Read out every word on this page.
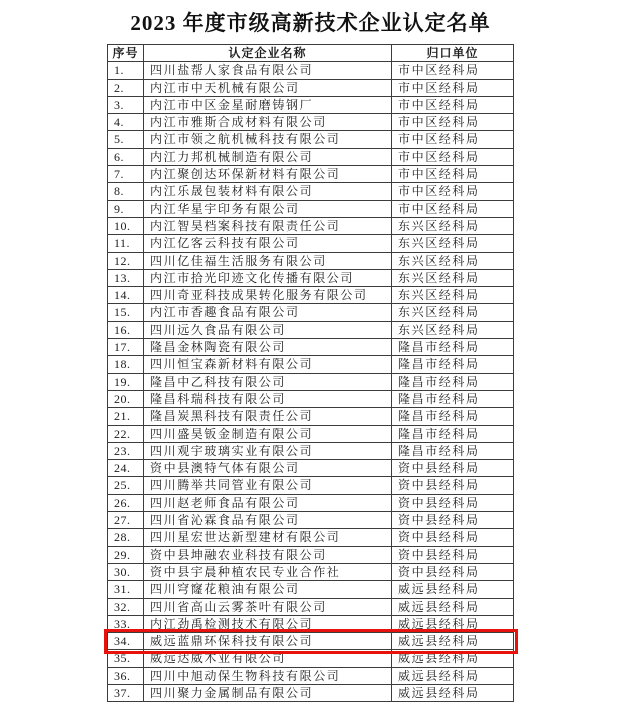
2023 年度市级高新技术企业认定名单
序号	认定企业名称	归口单位
1.	四川盐帮人家食品有限公司	市中区经科局
2.	内江市中天机械有限公司	市中区经科局
3.	内江市中区金星耐磨铸钢厂	市中区经科局
4.	内江市雅斯合成材料有限公司	市中区经科局
5.	内江市领之航机械科技有限公司	市中区经科局
6.	内江力邦机械制造有限公司	市中区经科局
7.	内江聚创达环保新材料有限公司	市中区经科局
8.	内江乐晟包装材料有限公司	市中区经科局
9.	内江华星宇印务有限公司	市中区经科局
10.	内江智昊档案科技有限责任公司	东兴区经科局
11.	内江亿客云科技有限公司	东兴区经科局
12.	四川亿佳福生活服务有限公司	东兴区经科局
13.	内江市拾光印迹文化传播有限公司	东兴区经科局
14.	四川奇亚科技成果转化服务有限公司	东兴区经科局
15.	内江市香趣食品有限公司	东兴区经科局
16.	四川远久食品有限公司	东兴区经科局
17.	隆昌金林陶瓷有限公司	隆昌市经科局
18.	四川恒宝森新材料有限公司	隆昌市经科局
19.	隆昌中乙科技有限公司	隆昌市经科局
20.	隆昌科瑞科技有限公司	隆昌市经科局
21.	隆昌炭黑科技有限责任公司	隆昌市经科局
22.	四川盛昊钣金制造有限公司	隆昌市经科局
23.	四川观宇玻璃实业有限公司	隆昌市经科局
24.	资中县澳特气体有限公司	资中县经科局
25.	四川腾举共同管业有限公司	资中县经科局
26.	四川赵老师食品有限公司	资中县经科局
27.	四川省沁霖食品有限公司	资中县经科局
28.	四川星宏世达新型建材有限公司	资中县经科局
29.	资中县坤融农业科技有限公司	资中县经科局
30.	资中县宇晨种植农民专业合作社	资中县经科局
31.	四川穹窿花粮油有限公司	威远县经科局
32.	四川省高山云雾茶叶有限公司	威远县经科局
33.	内江劲禹检测技术有限公司	威远县经科局
34.	威远蓝鼎环保科技有限公司	威远县经科局
35.	威远达威木业有限公司	威远县经科局
36.	四川中旭动保生物科技有限公司	威远县经科局
37.	四川聚力金属制品有限公司	威远县经科局
